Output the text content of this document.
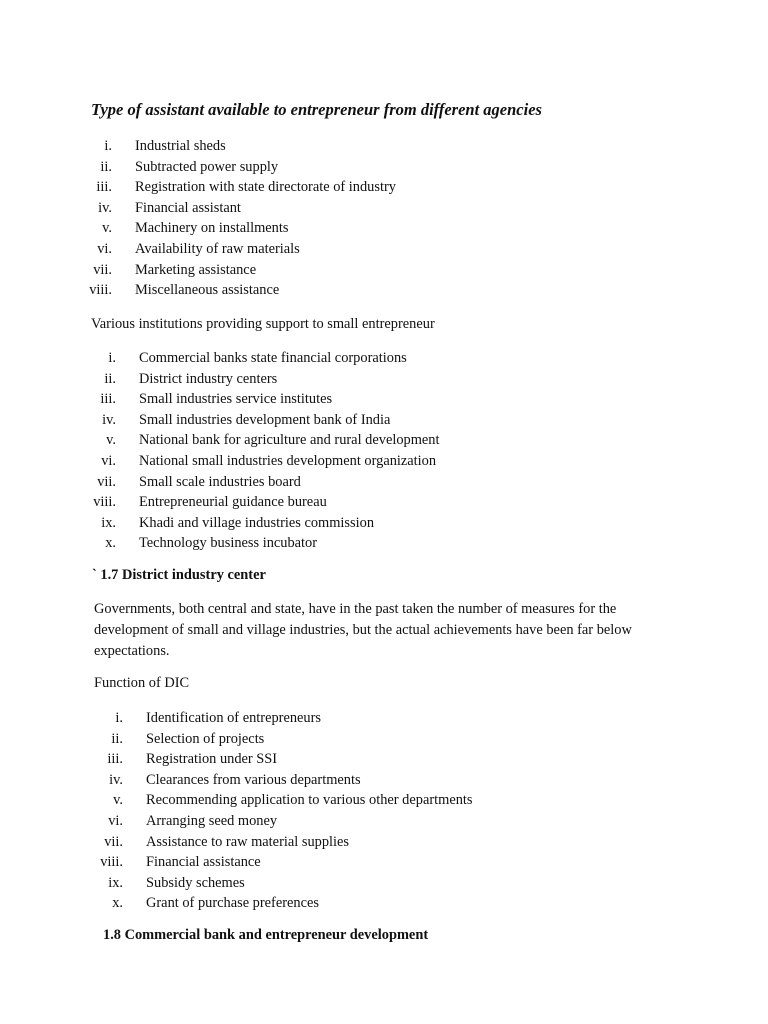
Type of assistant available to entrepreneur from different agencies
i. Industrial sheds
ii. Subtracted power supply
iii. Registration with state directorate of industry
iv. Financial assistant
v. Machinery on installments
vi. Availability of raw materials
vii. Marketing assistance
viii. Miscellaneous assistance

Various institutions providing support to small entrepreneur

i. Commercial banks state financial corporations
ii. District industry centers
iii. Small industries service institutes
iv. Small industries development bank of India
v. National bank for agriculture and rural development
vi. National small industries development organization
vii. Small scale industries board
viii. Entrepreneurial guidance bureau
ix. Khadi and village industries commission
x. Technology business incubator

` 1.7 District industry center

Governments, both central and state, have in the past taken the number of measures for the development of small and village industries, but the actual achievements have been far below expectations.

Function of DIC

i. Identification of entrepreneurs
ii. Selection of projects
iii. Registration under SSI
iv. Clearances from various departments
v. Recommending application to various other departments
vi. Arranging seed money
vii. Assistance to raw material supplies
viii. Financial assistance
ix. Subsidy schemes
x. Grant of purchase preferences

1.8 Commercial bank and entrepreneur development
